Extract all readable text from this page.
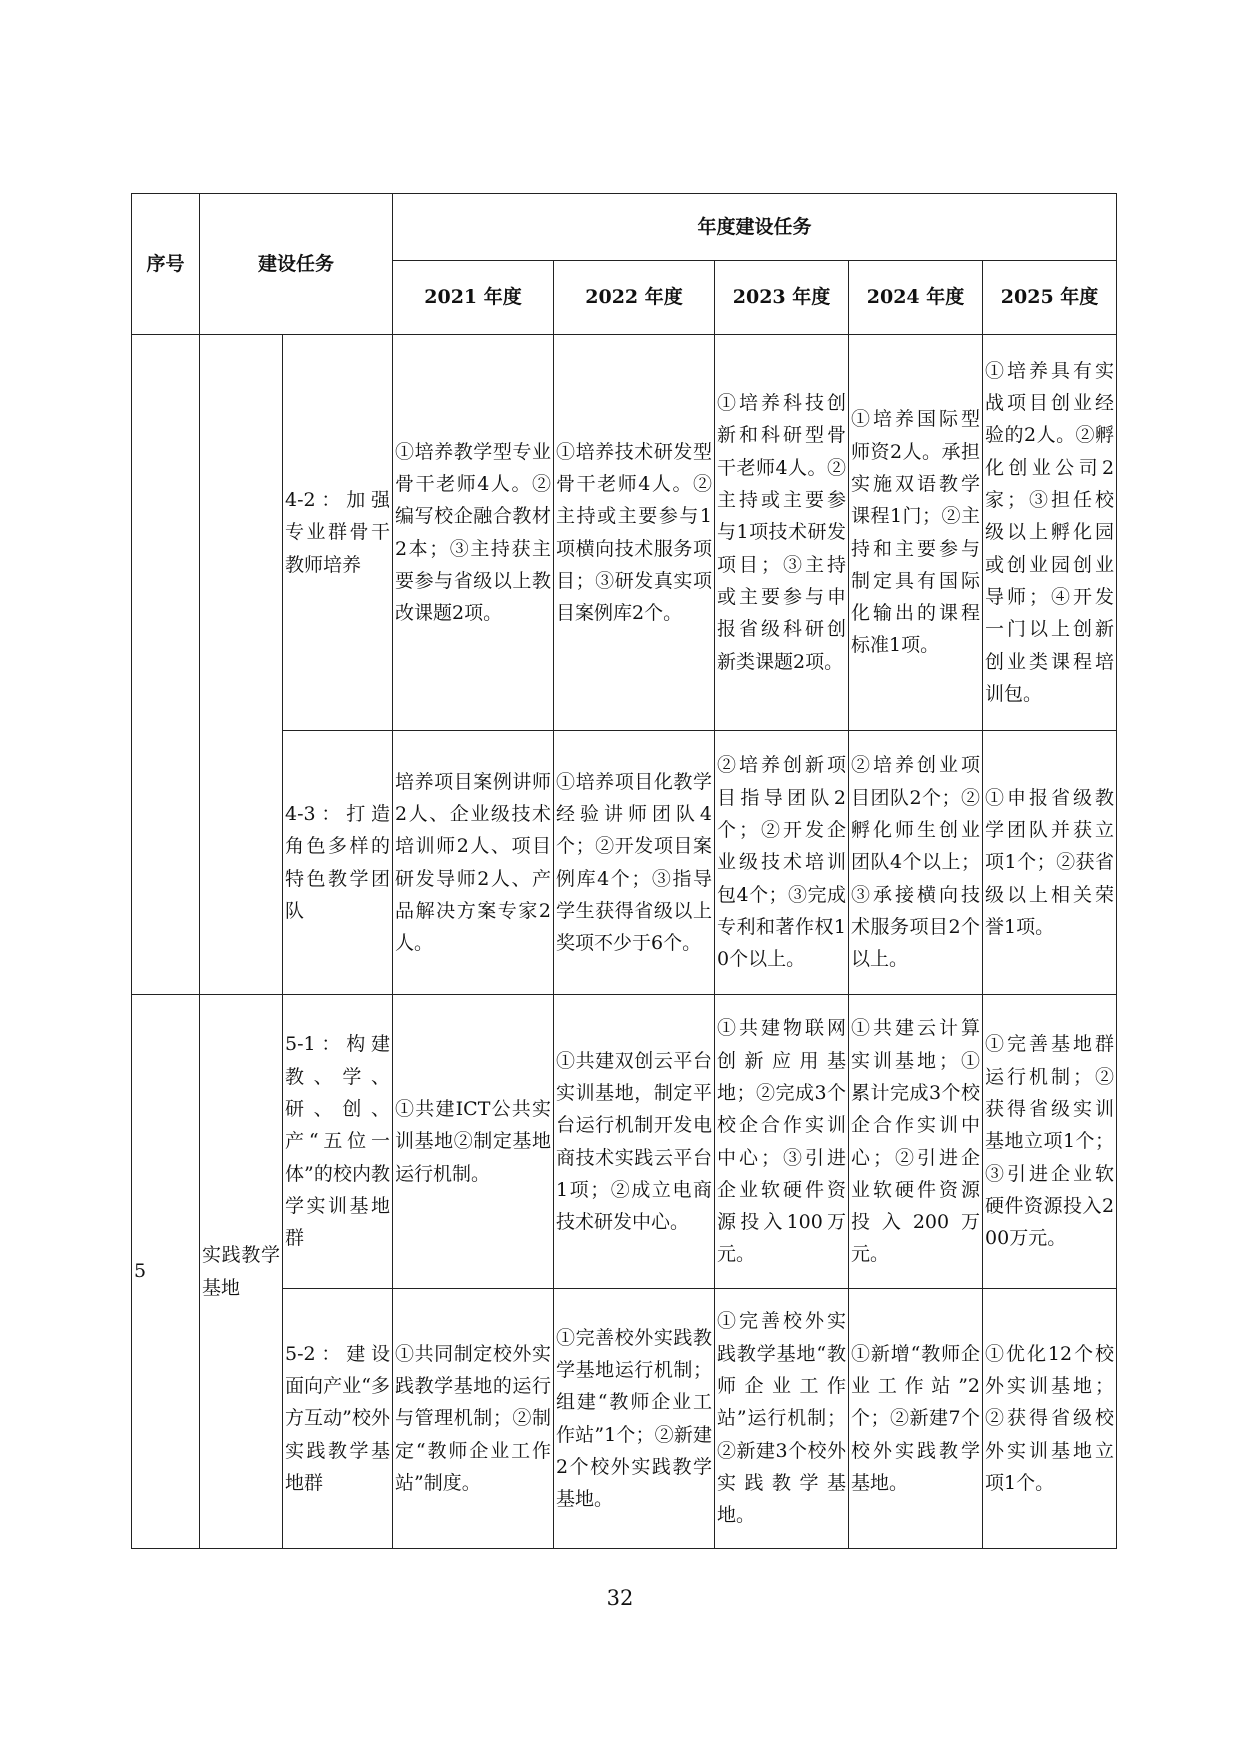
序号	建设任务		年度建设任务				
			2021 年度	2022 年度	2023 年度	2024 年度	2025 年度
		4-2：加强专业群骨干教师培养	①培养教学型专业骨干老师4人。②编写校企融合教材2本；③主持获主要参与省级以上教改课题2项。	①培养技术研发型骨干老师4人。②主持或主要参与1项横向技术服务项目；③研发真实项目案例库2个。	①培养科技创新和科研型骨干老师4人。②主持或主要参与1项技术研发项目；③主持或主要参与申报省级科研创新类课题2项。	①培养国际型师资2人。承担实施双语教学课程1门；②主持和主要参与制定具有国际化输出的课程标准1项。	①培养具有实战项目创业经验的2人。②孵化创业公司2家；③担任校级以上孵化园或创业园创业导师；④开发一门以上创新创业类课程培训包。
		4-3：打造角色多样的特色教学团队	培养项目案例讲师2人、企业级技术培训师2人、项目研发导师2人、产品解决方案专家2人。	①培养项目化教学经验讲师团队4个；②开发项目案例库4个；③指导学生获得省级以上奖项不少于6个。	②培养创新项目指导团队2个；②开发企业级技术培训包4个；③完成专利和著作权10个以上。	②培养创业项目团队2个；②孵化师生创业团队4个以上；③承接横向技术服务项目2个以上。	①申报省级教学团队并获立项1个；②获省级以上相关荣誉1项。
5	实践教学基地	5-1：构建教、学、研、创、产“五位一体”的校内教学实训基地群	①共建ICT公共实训基地②制定基地运行机制。	①共建双创云平台实训基地，制定平台运行机制开发电商技术实践云平台1项；②成立电商技术研发中心。	①共建物联网创新应用基地；②完成3个校企合作实训中心；③引进企业软硬件资源投入100万元。	①共建云计算实训基地；①累计完成3个校企合作实训中心；②引进企业软硬件资源投入200万元。	①完善基地群运行机制；②获得省级实训基地立项1个；③引进企业软硬件资源投入200万元。
		5-2：建设面向产业“多方互动”校外实践教学基地群	①共同制定校外实践教学基地的运行与管理机制；②制定“教师企业工作站”制度。	①完善校外实践教学基地运行机制；组建“教师企业工作站”1个；②新建2个校外实践教学基地。	①完善校外实践教学基地“教师企业工作站”运行机制；②新建3个校外实践教学基地。	①新增“教师企业工作站”2个；②新建7个校外实践教学基地。	①优化12个校外实训基地；②获得省级校外实训基地立项1个。
32
